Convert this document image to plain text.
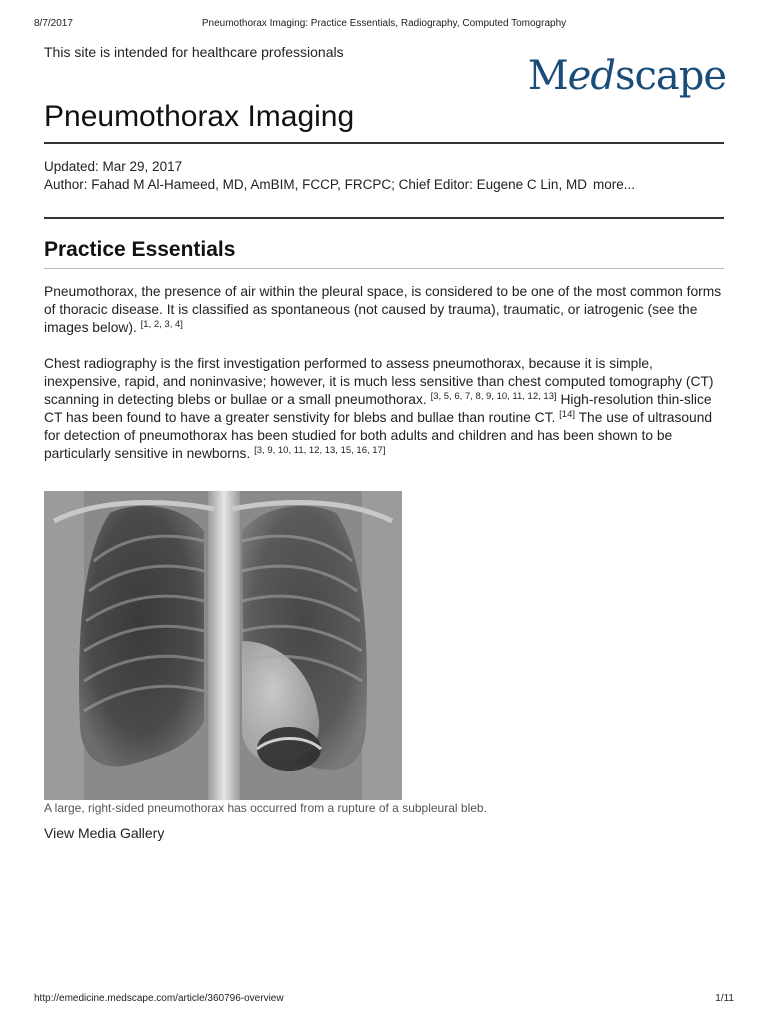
8/7/2017	Pneumothorax Imaging: Practice Essentials, Radiography, Computed Tomography
This site is intended for healthcare professionals
Medscape
Pneumothorax Imaging
Updated: Mar 29, 2017
Author: Fahad M Al-Hameed, MD, AmBIM, FCCP, FRCPC; Chief Editor: Eugene C Lin, MD more...
Practice Essentials

Pneumothorax, the presence of air within the pleural space, is considered to be one of the most common forms of thoracic disease. It is classified as spontaneous (not caused by trauma), traumatic, or iatrogenic (see the images below). [1, 2, 3, 4]

Chest radiography is the first investigation performed to assess pneumothorax, because it is simple, inexpensive, rapid, and noninvasive; however, it is much less sensitive than chest computed tomography (CT) scanning in detecting blebs or bullae or a small pneumothorax. [3, 5, 6, 7, 8, 9, 10, 11, 12, 13] High-resolution thin-slice CT has been found to have a greater senstivity for blebs and bullae than routine CT. [14] The use of ultrasound for detection of pneumothorax has been studied for both adults and children and has been shown to be particularly sensitive in newborns. [3, 9, 10, 11, 12, 13, 15, 16, 17]

A large, right-sided pneumothorax has occurred from a rupture of a subpleural bleb.
View Media Gallery
http://emedicine.medscape.com/article/360796-overview	1/11
